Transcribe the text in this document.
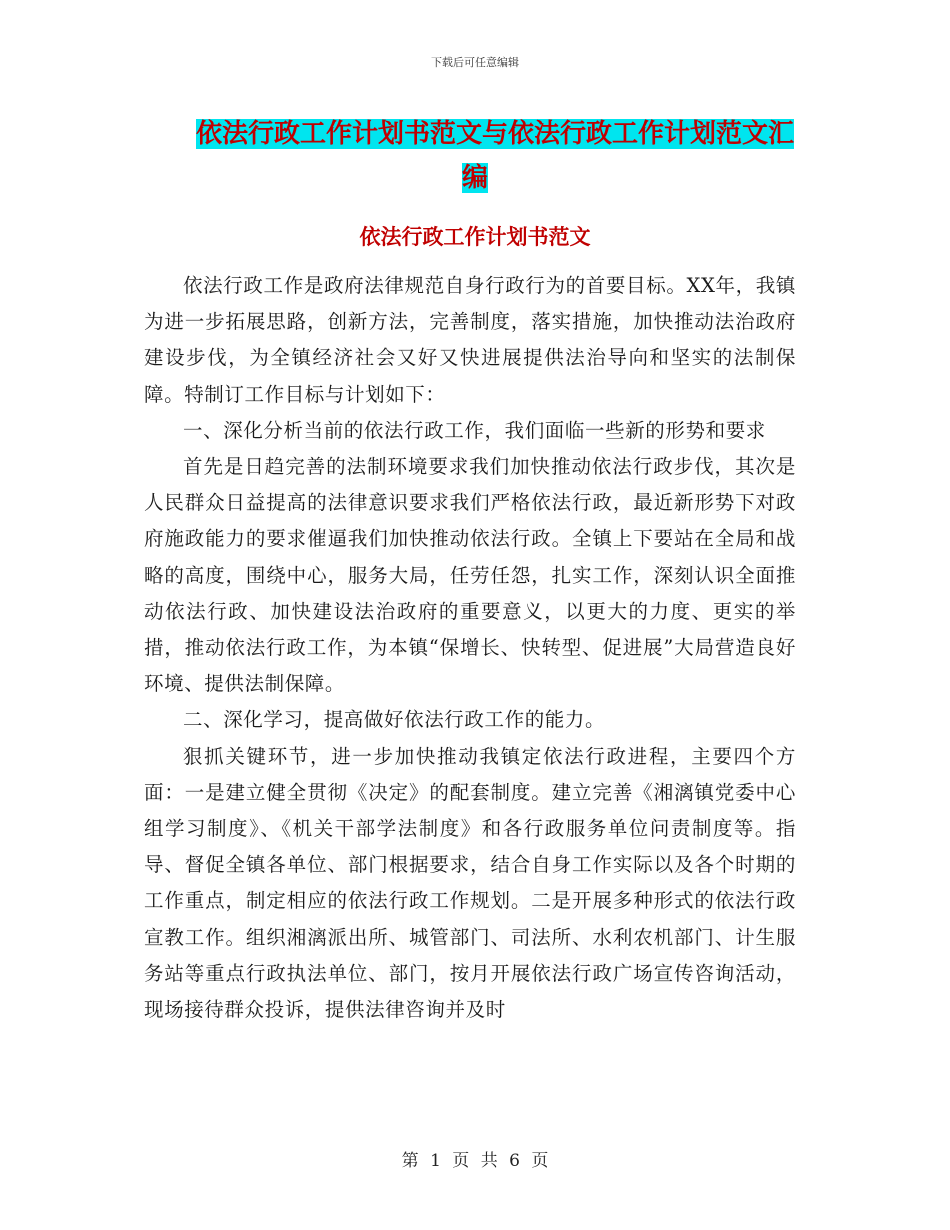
下载后可任意编辑
依法行政工作计划书范文与依法行政工作计划范文汇
编
依法行政工作计划书范文

依法行政工作是政府法律规范自身行政行为的首要目标。XX年，我镇为进一步拓展思路，创新方法，完善制度，落实措施，加快推动法治政府建设步伐，为全镇经济社会又好又快进展提供法治导向和坚实的法制保障。特制订工作目标与计划如下：

一、深化分析当前的依法行政工作，我们面临一些新的形势和要求

首先是日趋完善的法制环境要求我们加快推动依法行政步伐，其次是人民群众日益提高的法律意识要求我们严格依法行政，最近新形势下对政府施政能力的要求催逼我们加快推动依法行政。全镇上下要站在全局和战略的高度，围绕中心，服务大局，任劳任怨，扎实工作，深刻认识全面推动依法行政、加快建设法治政府的重要意义，以更大的力度、更实的举措，推动依法行政工作，为本镇“保增长、快转型、促进展”大局营造良好环境、提供法制保障。

二、深化学习，提高做好依法行政工作的能力。

狠抓关键环节，进一步加快推动我镇定依法行政进程，主要四个方面：一是建立健全贯彻《决定》的配套制度。建立完善《湘漓镇党委中心组学习制度》、《机关干部学法制度》和各行政服务单位问责制度等。指导、督促全镇各单位、部门根据要求，结合自身工作实际以及各个时期的工作重点，制定相应的依法行政工作规划。二是开展多种形式的依法行政宣教工作。组织湘漓派出所、城管部门、司法所、水利农机部门、计生服务站等重点行政执法单位、部门，按月开展依法行政广场宣传咨询活动，现场接待群众投诉，提供法律咨询并及时

第 1 页 共 6 页
